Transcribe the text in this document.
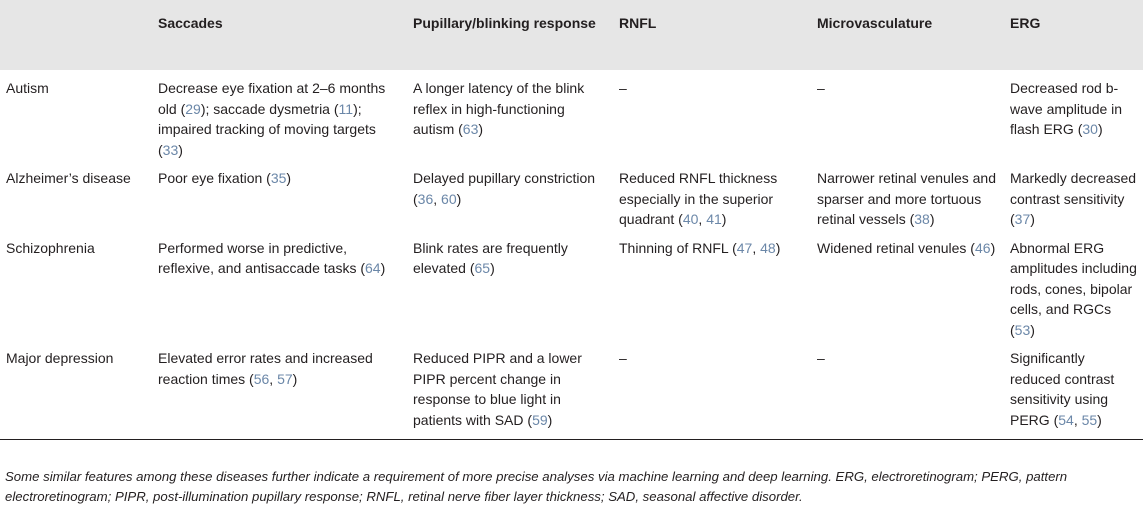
	Saccades	Pupillary/blinking response	RNFL	Microvasculature	ERG
Autism	Decrease eye fixation at 2–6 months old (29); saccade dysmetria (11); impaired tracking of moving targets (33)	A longer latency of the blink reflex in high-functioning autism (63)	–	–	Decreased rod b-wave amplitude in flash ERG (30)
Alzheimer’s disease	Poor eye fixation (35)	Delayed pupillary constriction (36, 60)	Reduced RNFL thickness especially in the superior quadrant (40, 41)	Narrower retinal venules and sparser and more tortuous retinal vessels (38)	Markedly decreased contrast sensitivity (37)
Schizophrenia	Performed worse in predictive, reflexive, and antisaccade tasks (64)	Blink rates are frequently elevated (65)	Thinning of RNFL (47, 48)	Widened retinal venules (46)	Abnormal ERG amplitudes including rods, cones, bipolar cells, and RGCs (53)
Major depression	Elevated error rates and increased reaction times (56, 57)	Reduced PIPR and a lower PIPR percent change in response to blue light in patients with SAD (59)	–	–	Significantly reduced contrast sensitivity using PERG (54, 55)
Some similar features among these diseases further indicate a requirement of more precise analyses via machine learning and deep learning. ERG, electroretinogram; PERG, pattern electroretinogram; PIPR, post-illumination pupillary response; RNFL, retinal nerve fiber layer thickness; SAD, seasonal affective disorder.
